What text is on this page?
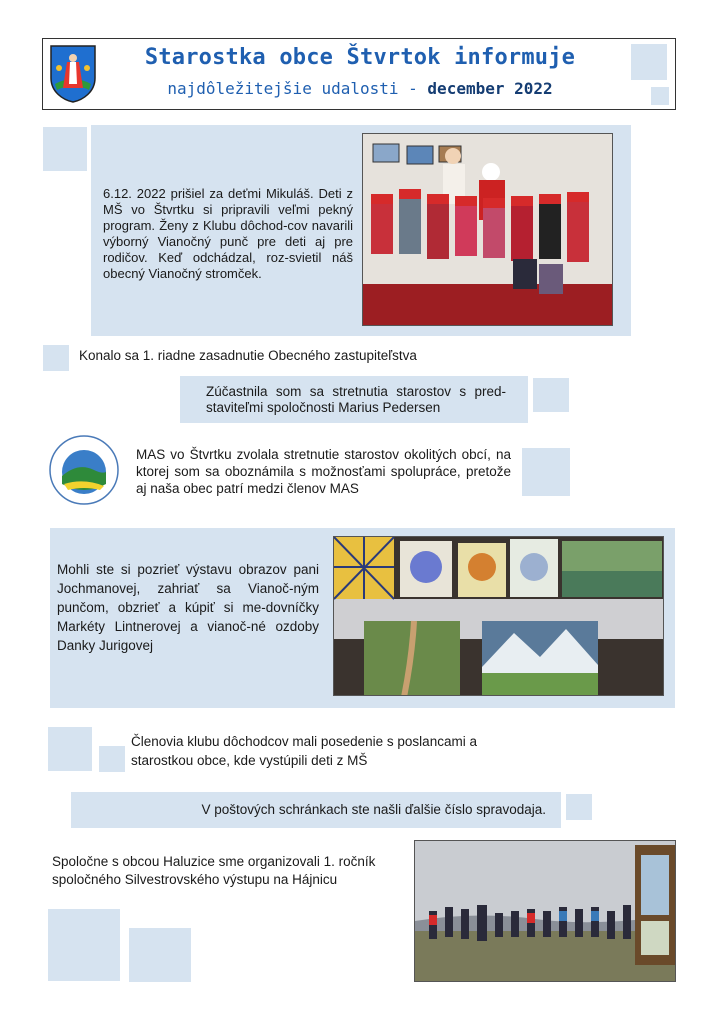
Starostka obce Štvrtok informuje
najdôležitejšie udalosti - december 2022
6.12. 2022 prišiel za deťmi Mikuláš. Deti z MŠ vo Štvrtku si pripravili veľmi pekný program. Ženy z Klubu dôchod-cov navarili výborný Vianočný punč pre deti aj pre rodičov. Keď odchádzal, roz-svietil náš obecný Vianočný stromček.
Konalo sa 1. riadne zasadnutie Obecného zastupiteľstva
Zúčastnila som sa stretnutia starostov s pred-staviteľmi spoločnosti Marius Pedersen
MAS vo Štvrtku zvolala stretnutie starostov okolitých obcí, na ktorej som sa oboznámila s možnosťami spolupráce, pretože aj naša obec patrí medzi členov MAS
Mohli ste si pozrieť výstavu obrazov pani Jochmanovej, zahriať sa Vianoč-ným punčom, obzrieť a kúpiť si me-dovníčky Markéty Lintnerovej a vianoč-né ozdoby Danky Jurigovej
Členovia klubu dôchodcov mali posedenie s poslancami a starostkou obce, kde vystúpili deti z MŠ
V poštových schránkach ste našli ďalšie číslo spravodaja.
Spoločne s obcou Haluzice sme organizovali 1. ročník spoločného Silvestrovského výstupu na Hájnicu
